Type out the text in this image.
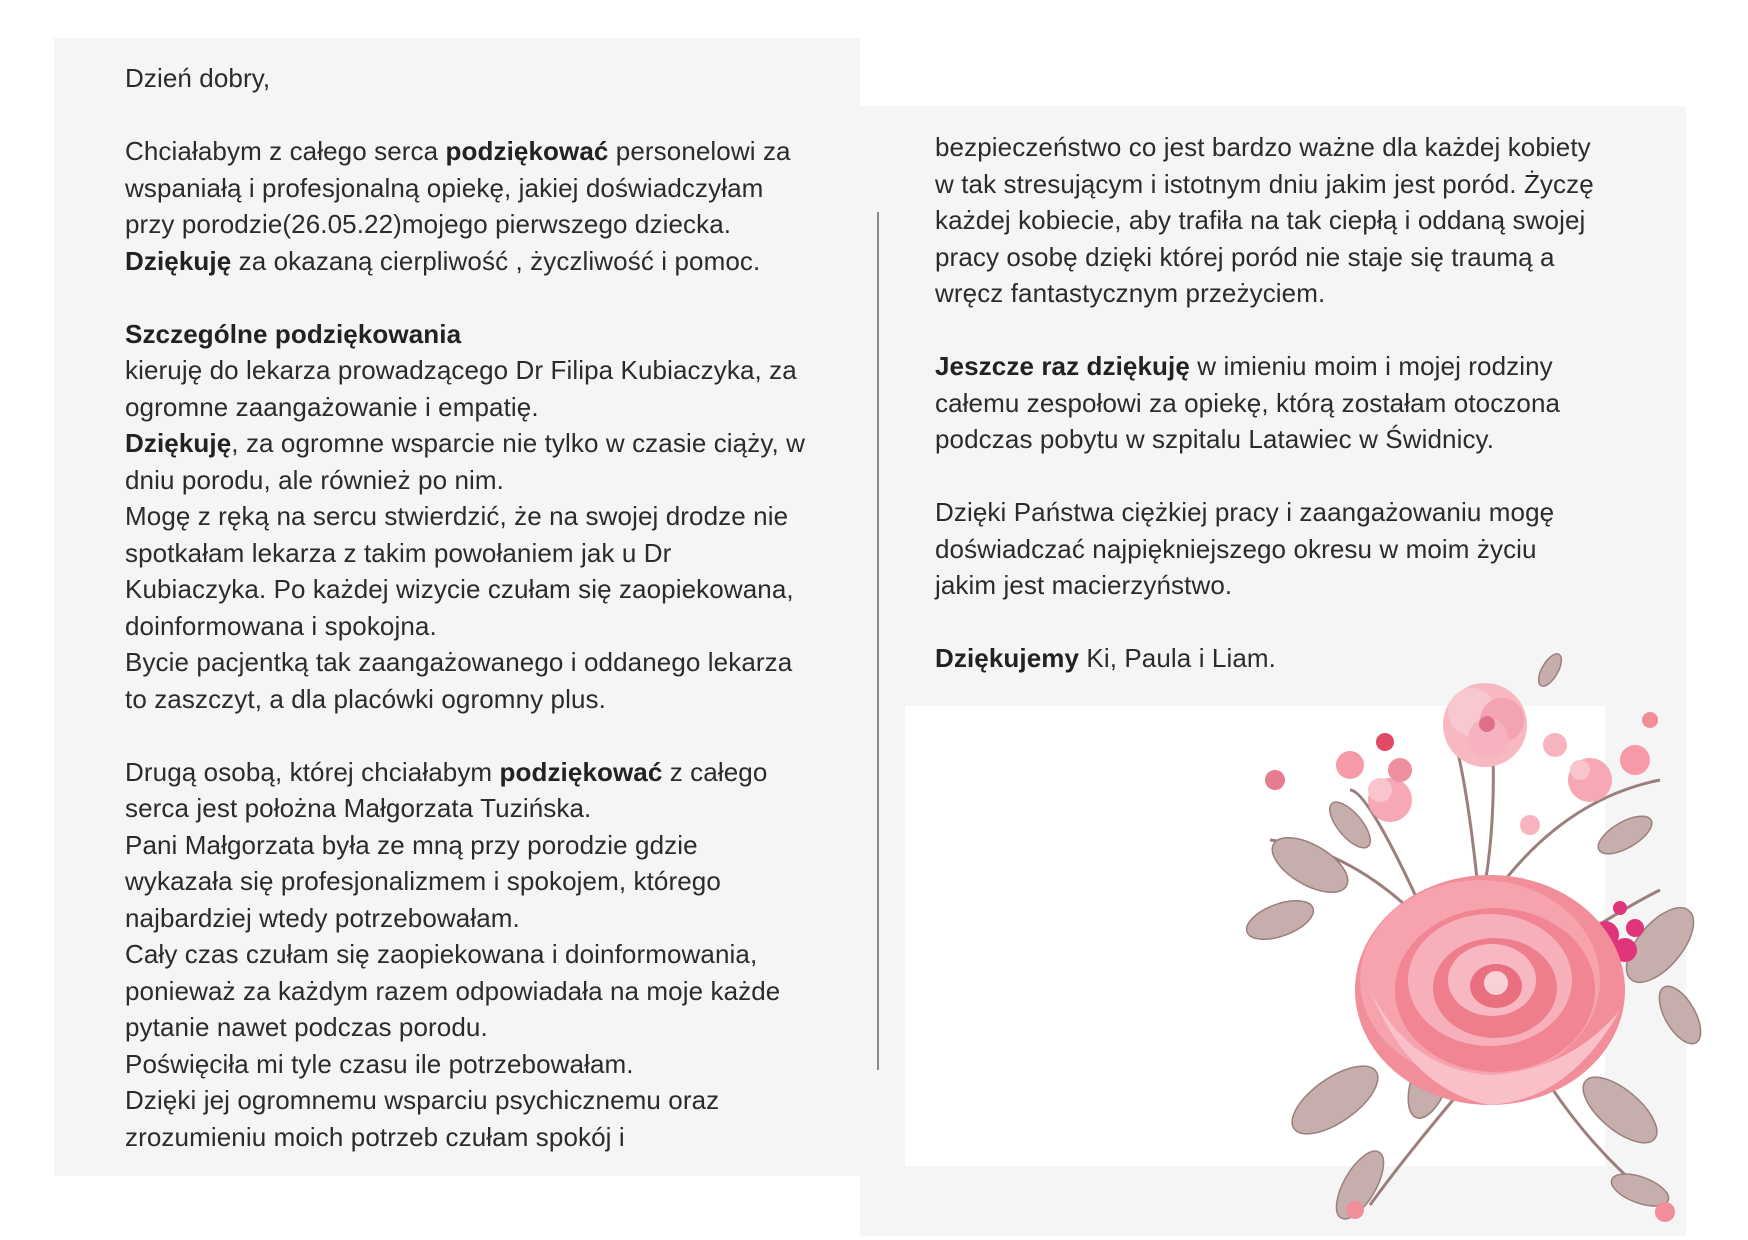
Dzień dobry,
Chciałabym z całego serca podziękować personelowi za
wspaniałą i profesjonalną opiekę, jakiej doświadczyłam
przy porodzie(26.05.22)mojego pierwszego dziecka.
Dziękuję za okazaną cierpliwość , życzliwość i pomoc.
Szczególne podziękowania
kieruję do lekarza prowadzącego Dr Filipa Kubiaczyka, za
ogromne zaangażowanie i empatię.
Dziękuję, za ogromne wsparcie nie tylko w czasie ciąży, w
dniu porodu, ale również po nim.
Mogę z ręką na sercu stwierdzić, że na swojej drodze nie
spotkałam lekarza z takim powołaniem jak u Dr
Kubiaczyka. Po każdej wizycie czułam się zaopiekowana,
doinformowana i spokojna.
Bycie pacjentką tak zaangażowanego i oddanego lekarza
to zaszczyt, a dla placówki ogromny plus.
Drugą osobą, której chciałabym podziękować z całego
serca jest położna Małgorzata Tuzińska.
Pani Małgorzata była ze mną przy porodzie gdzie
wykazała się profesjonalizmem i spokojem, którego
najbardziej wtedy potrzebowałam.
Cały czas czułam się zaopiekowana i doinformowania,
ponieważ za każdym razem odpowiadała na moje każde
pytanie nawet podczas porodu.
Poświęciła mi tyle czasu ile potrzebowałam.
Dzięki jej ogromnemu wsparciu psychicznemu oraz
zrozumieniu moich potrzeb czułam spokój i
bezpieczeństwo co jest bardzo ważne dla każdej kobiety
w tak stresującym i istotnym dniu jakim jest poród. Życzę
każdej kobiecie, aby trafiła na tak ciepłą i oddaną swojej
pracy osobę dzięki której poród nie staje się traumą a
wręcz fantastycznym przeżyciem.
Jeszcze raz dziękuję w imieniu moim i mojej rodziny
całemu zespołowi za opiekę, którą zostałam otoczona
podczas pobytu w szpitalu Latawiec w Świdnicy.
Dzięki Państwa ciężkiej pracy i zaangażowaniu mogę
doświadczać najpiękniejszego okresu w moim życiu
jakim jest macierzyństwo.
Dziękujemy Ki, Paula i Liam.
